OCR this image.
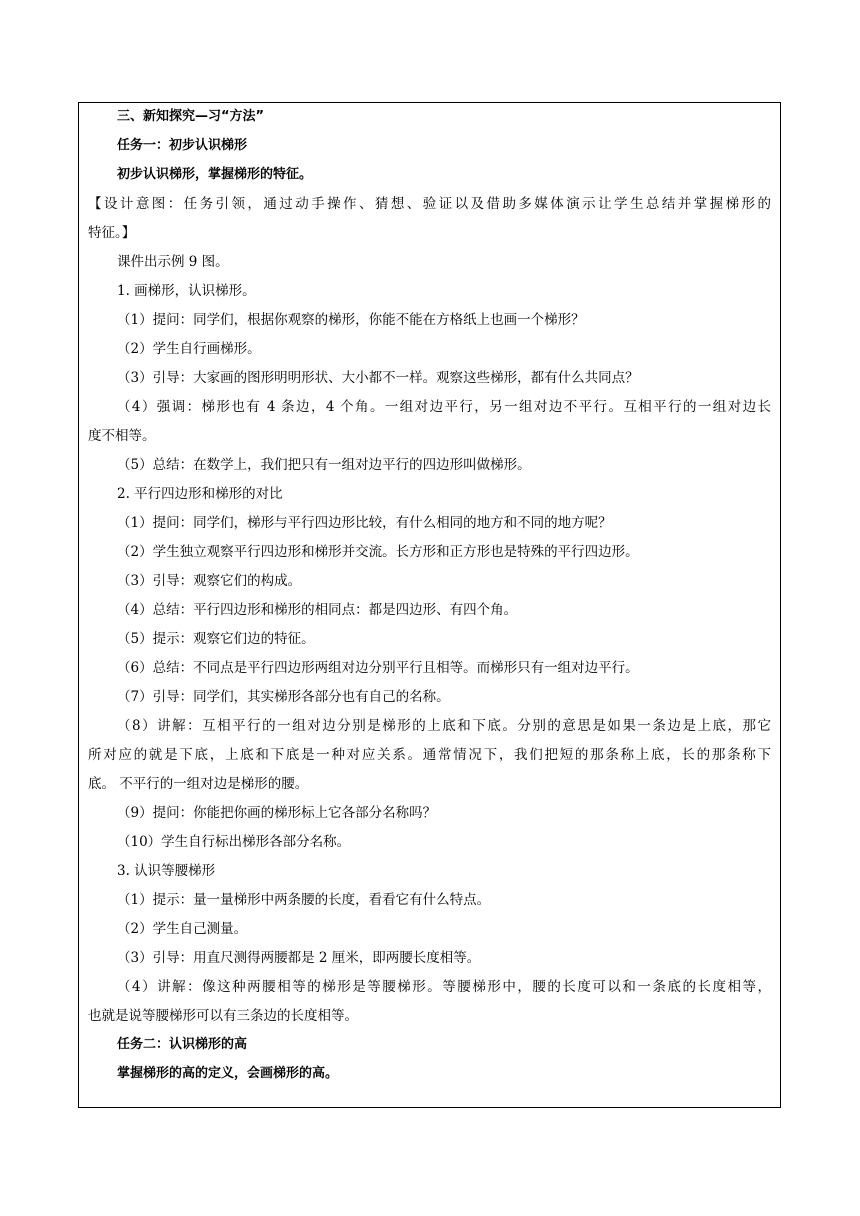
三、新知探究—习“方法”
任务一：初步认识梯形
初步认识梯形，掌握梯形的特征。
【设计意图：任务引领，通过动手操作、猜想、验证以及借助多媒体演示让学生总结并掌握梯形的
特征。】
课件出示例 9 图。
1. 画梯形，认识梯形。
（1）提问：同学们，根据你观察的梯形，你能不能在方格纸上也画一个梯形？
（2）学生自行画梯形。
（3）引导：大家画的图形明明形状、大小都不一样。观察这些梯形，都有什么共同点？
（4）强调：梯形也有 4 条边，4 个角。一组对边平行，另一组对边不平行。互相平行的一组对边长
度不相等。
（5）总结：在数学上，我们把只有一组对边平行的四边形叫做梯形。
2. 平行四边形和梯形的对比
（1）提问：同学们，梯形与平行四边形比较，有什么相同的地方和不同的地方呢？
（2）学生独立观察平行四边形和梯形并交流。长方形和正方形也是特殊的平行四边形。
（3）引导：观察它们的构成。
（4）总结：平行四边形和梯形的相同点：都是四边形、有四个角。
（5）提示：观察它们边的特征。
（6）总结：不同点是平行四边形两组对边分别平行且相等。而梯形只有一组对边平行。
（7）引导：同学们，其实梯形各部分也有自己的名称。
（8）讲解：互相平行的一组对边分别是梯形的上底和下底。分别的意思是如果一条边是上底，那它
所对应的就是下底，上底和下底是一种对应关系。通常情况下，我们把短的那条称上底，长的那条称下
底。 不平行的一组对边是梯形的腰。
（9）提问：你能把你画的梯形标上它各部分名称吗？
（10）学生自行标出梯形各部分名称。
3. 认识等腰梯形
（1）提示：量一量梯形中两条腰的长度，看看它有什么特点。
（2）学生自己测量。
（3）引导：用直尺测得两腰都是 2 厘米，即两腰长度相等。
（4）讲解：像这种两腰相等的梯形是等腰梯形。等腰梯形中，腰的长度可以和一条底的长度相等，
也就是说等腰梯形可以有三条边的长度相等。
任务二：认识梯形的高
掌握梯形的高的定义，会画梯形的高。
